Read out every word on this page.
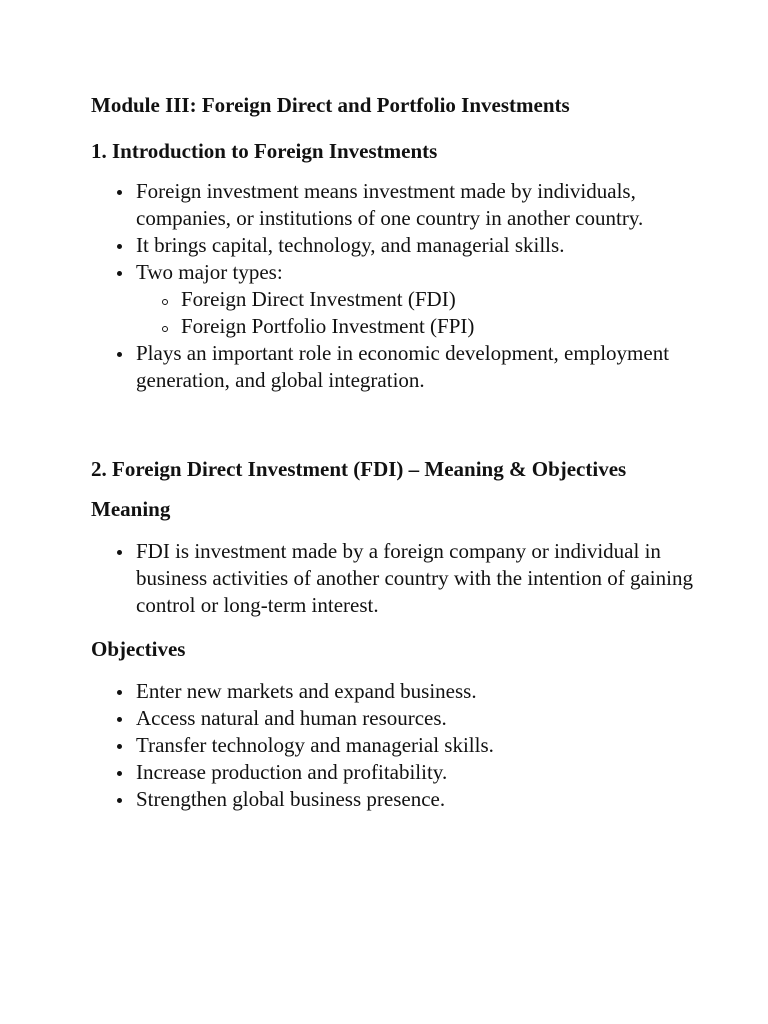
Module III: Foreign Direct and Portfolio Investments
1. Introduction to Foreign Investments
Foreign investment means investment made by individuals, companies, or institutions of one country in another country.
It brings capital, technology, and managerial skills.
Two major types:
Foreign Direct Investment (FDI)
Foreign Portfolio Investment (FPI)
Plays an important role in economic development, employment generation, and global integration.
2. Foreign Direct Investment (FDI) – Meaning & Objectives
Meaning
FDI is investment made by a foreign company or individual in business activities of another country with the intention of gaining control or long-term interest.
Objectives
Enter new markets and expand business.
Access natural and human resources.
Transfer technology and managerial skills.
Increase production and profitability.
Strengthen global business presence.
